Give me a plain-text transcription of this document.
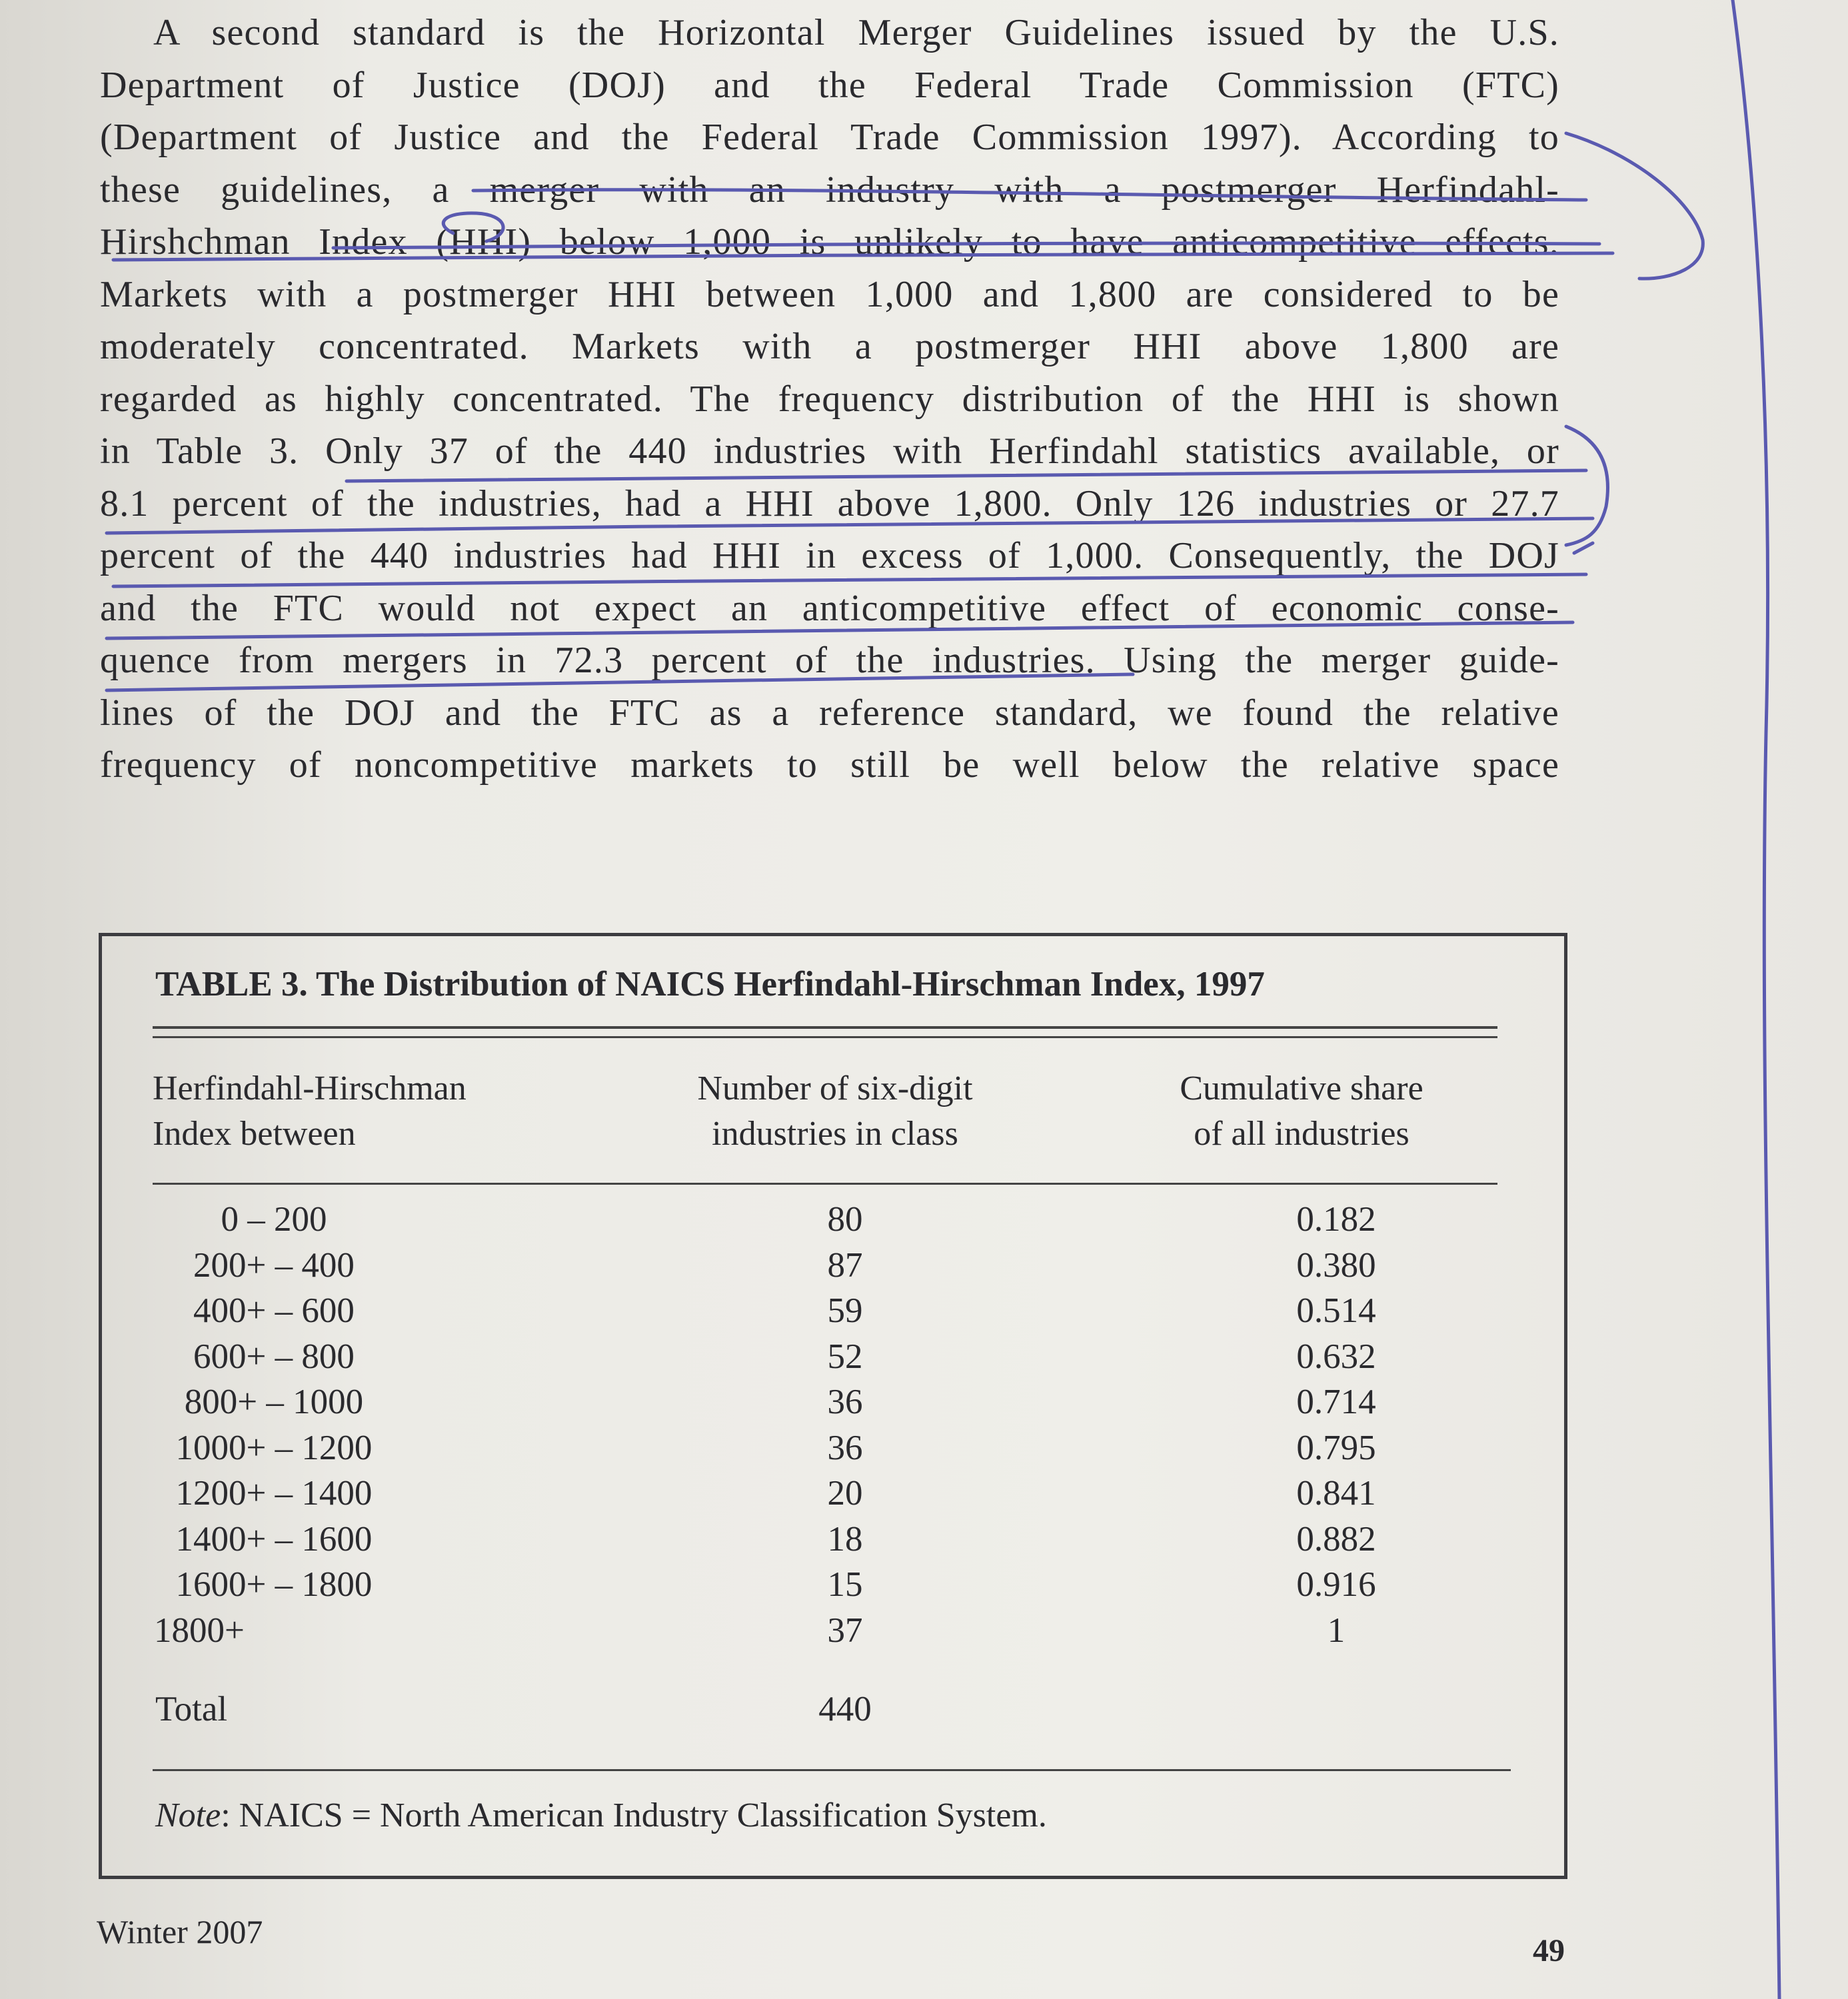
A second standard is the Horizontal Merger Guidelines issued by the U.S.
Department of Justice (DOJ) and the Federal Trade Commission (FTC)
(Department of Justice and the Federal Trade Commission 1997). According to
these guidelines, a merger with an industry with a postmerger Herfindahl-
Hirshchman Index (HHI) below 1,000 is unlikely to have anticompetitive effects.
Markets with a postmerger HHI between 1,000 and 1,800 are considered to be
moderately concentrated. Markets with a postmerger HHI above 1,800 are
regarded as highly concentrated. The frequency distribution of the HHI is shown
in Table 3. Only 37 of the 440 industries with Herfindahl statistics available, or
8.1 percent of the industries, had a HHI above 1,800. Only 126 industries or 27.7
percent of the 440 industries had HHI in excess of 1,000. Consequently, the DOJ
and the FTC would not expect an anticompetitive effect of economic conse-
quence from mergers in 72.3 percent of the industries. Using the merger guide-
lines of the DOJ and the FTC as a reference standard, we found the relative
frequency of noncompetitive markets to still be well below the relative space

TABLE 3. The Distribution of NAICS Herfindahl-Hirschman Index, 1997

Herfindahl-Hirschman
Index between

Number of six-digit
industries in class

Cumulative share
of all industries

0 – 200	80	0.182
200+ – 400	87	0.380
400+ – 600	59	0.514
600+ – 800	52	0.632
800+ – 1000	36	0.714
1000+ – 1200	36	0.795
1200+ – 1400	20	0.841
1400+ – 1600	18	0.882
1600+ – 1800	15	0.916
1800+	37	1
Total	440

Note: NAICS = North American Industry Classification System.

Winter 2007

49
